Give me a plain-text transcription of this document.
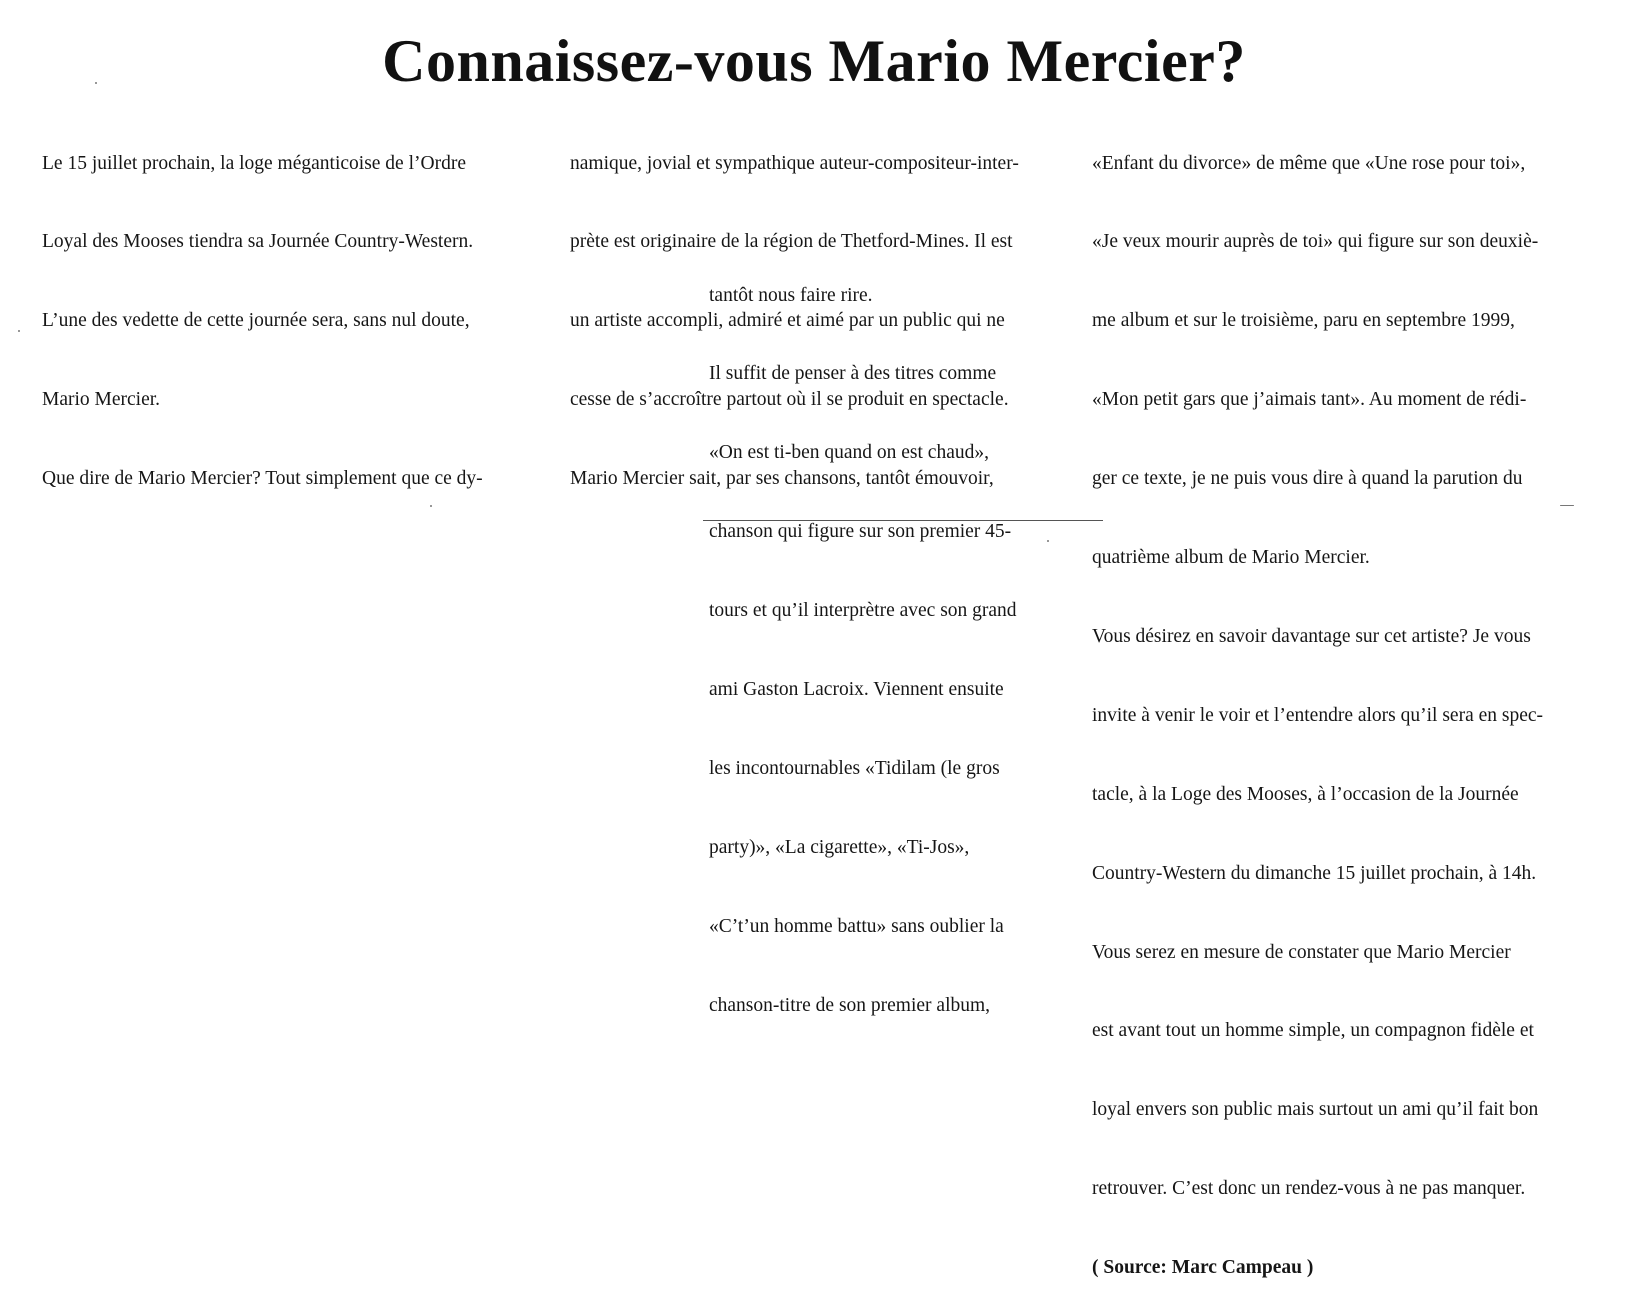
Connaissez-vous Mario Mercier?

Le 15 juillet prochain, la loge méganticoise de l’Ordre

Loyal des Mooses tiendra sa Journée Country-Western.

L’une des vedette de cette journée sera, sans nul doute,

Mario Mercier.

Que dire de Mario Mercier? Tout simplement que ce dy-

namique, jovial et sympathique auteur-compositeur-inter-

prète est originaire de la région de Thetford-Mines. Il est

un artiste accompli, admiré et aimé par un public qui ne

cesse de s’accroître partout où il se produit en spectacle.

Mario Mercier sait, par ses chansons, tantôt émouvoir,

tantôt nous faire rire.

Il suffit de penser à des titres comme

«On est ti-ben quand on est chaud»,

chanson qui figure sur son premier 45-

tours et qu’il interprètre avec son grand

ami Gaston Lacroix. Viennent ensuite

les incontournables «Tidilam (le gros

party)», «La cigarette», «Ti-Jos»,

«C’t’un homme battu» sans oublier la

chanson-titre de son premier album,

«Enfant du divorce» de même que «Une rose pour toi»,

«Je veux mourir auprès de toi» qui figure sur son deuxiè-

me album et sur le troisième, paru en septembre 1999,

«Mon petit gars que j’aimais tant». Au moment de rédi-

ger ce texte, je ne puis vous dire à quand la parution du

quatrième album de Mario Mercier.

Vous désirez en savoir davantage sur cet artiste? Je vous

invite à venir le voir et l’entendre alors qu’il sera en spec-

tacle, à la Loge des Mooses, à l’occasion de la Journée

Country-Western du dimanche 15 juillet prochain, à 14h.

Vous serez en mesure de constater que Mario Mercier

est avant tout un homme simple, un compagnon fidèle et

loyal envers son public mais surtout un ami qu’il fait bon

retrouver. C’est donc un rendez-vous à ne pas manquer.

( Source: Marc Campeau )
